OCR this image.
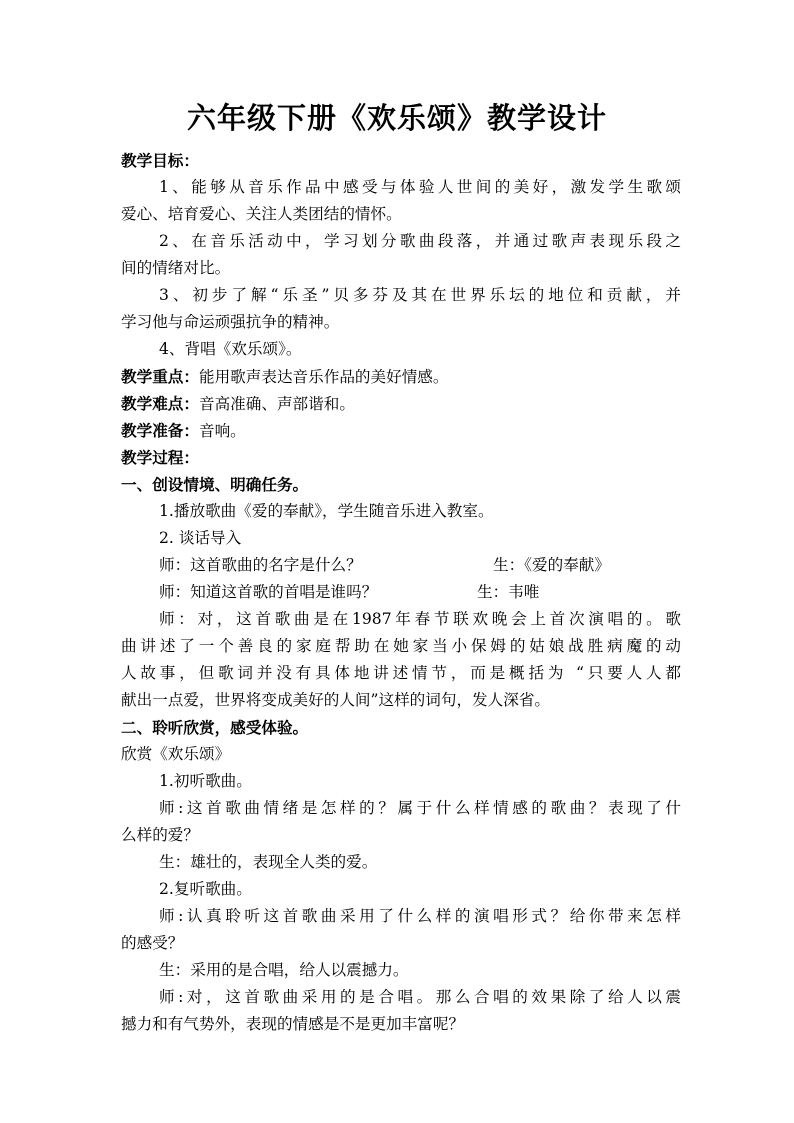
六年级下册《欢乐颂》教学设计
教学目标：
1、能够从音乐作品中感受与体验人世间的美好，激发学生歌颂
爱心、培育爱心、关注人类团结的情怀。
2、在音乐活动中，学习划分歌曲段落，并通过歌声表现乐段之
间的情绪对比。
3、初步了解“乐圣”贝多芬及其在世界乐坛的地位和贡献，并
学习他与命运顽强抗争的精神。
4、背唱《欢乐颂》。
教学重点：能用歌声表达音乐作品的美好情感。
教学难点：音高准确、声部谐和。
教学准备：音响。
教学过程：
一、创设情境、明确任务。
1.播放歌曲《爱的奉献》，学生随音乐进入教室。
2. 谈话导入
师：这首歌曲的名字是什么？	生：《爱的奉献》
师：知道这首歌的首唱是谁吗？	生：韦唯
师：对，这首歌曲是在1987年春节联欢晚会上首次演唱的。歌
曲讲述了一个善良的家庭帮助在她家当小保姆的姑娘战胜病魔的动
人故事，但歌词并没有具体地讲述情节，而是概括为 “只要人人都
献出一点爱，世界将变成美好的人间”这样的词句，发人深省。
二、聆听欣赏，感受体验。
欣赏《欢乐颂》
1.初听歌曲。
师:这首歌曲情绪是怎样的？属于什么样情感的歌曲？表现了什
么样的爱？
生：雄壮的，表现全人类的爱。
2.复听歌曲。
师:认真聆听这首歌曲采用了什么样的演唱形式？给你带来怎样
的感受？
生：采用的是合唱，给人以震撼力。
师:对，这首歌曲采用的是合唱。那么合唱的效果除了给人以震
撼力和有气势外，表现的情感是不是更加丰富呢？
